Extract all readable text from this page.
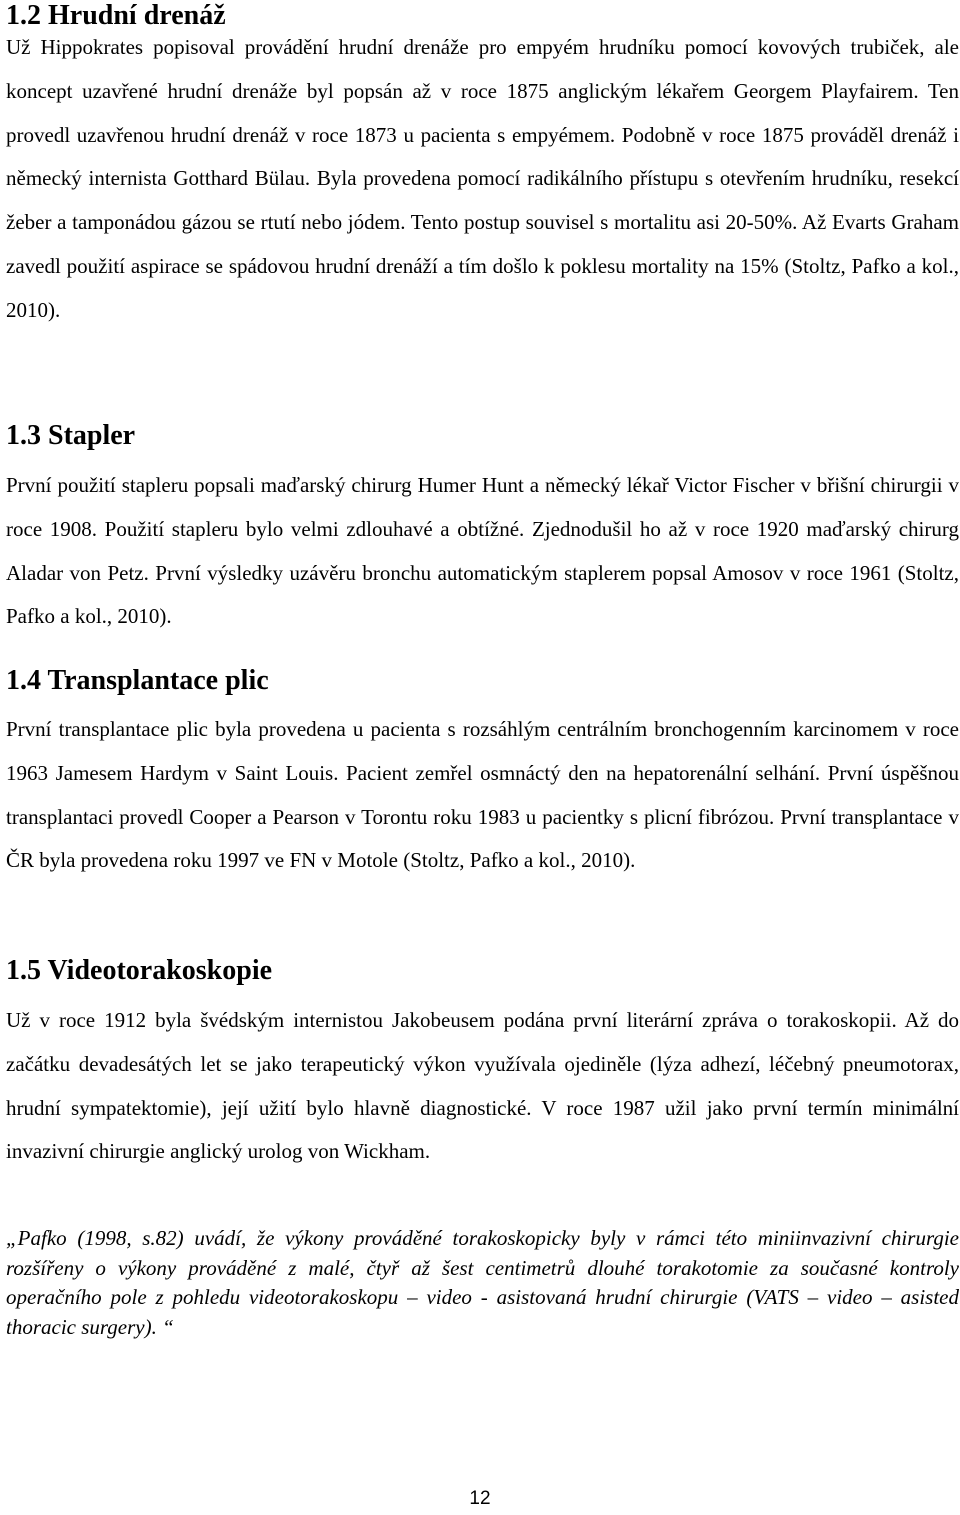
1.2 Hrudní drenáž

Už Hippokrates popisoval provádění hrudní drenáže pro empyém hrudníku pomocí kovových trubiček, ale koncept uzavřené hrudní drenáže byl popsán až v roce 1875 anglickým lékařem Georgem Playfairem. Ten provedl uzavřenou hrudní drenáž v roce 1873 u pacienta s empyémem. Podobně v roce 1875 prováděl drenáž i německý internista Gotthard Bülau. Byla provedena pomocí radikálního přístupu s otevřením hrudníku, resekcí žeber a tamponádou gázou se rtutí nebo jódem. Tento postup souvisel s mortalitu asi 20-50%. Až Evarts Graham zavedl použití aspirace se spádovou hrudní drenáží a tím došlo k poklesu mortality na 15% (Stoltz, Pafko a kol., 2010).

1.3 Stapler

První použití stapleru popsali maďarský chirurg Humer Hunt a německý lékař Victor Fischer v břišní chirurgii v roce 1908. Použití stapleru bylo velmi zdlouhavé a obtížné. Zjednodušil ho až v roce 1920 maďarský chirurg Aladar von Petz. První výsledky uzávěru bronchu automatickým staplerem popsal Amosov v roce 1961 (Stoltz, Pafko a kol., 2010).

1.4 Transplantace plic

První transplantace plic byla provedena u pacienta s rozsáhlým centrálním bronchogenním karcinomem v roce 1963 Jamesem Hardym v Saint Louis. Pacient zemřel osmnáctý den na hepatorenální selhání. První úspěšnou transplantaci provedl Cooper a Pearson v Torontu roku 1983 u pacientky s plicní fibrózou. První transplantace v ČR byla provedena roku 1997 ve FN v Motole (Stoltz, Pafko a kol., 2010).

1.5 Videotorakoskopie

Už v roce 1912 byla švédským internistou Jakobeusem podána první literární zpráva o torakoskopii. Až do začátku devadesátých let se jako terapeutický výkon využívala ojediněle (lýza adhezí, léčebný pneumotorax, hrudní sympatektomie), její užití bylo hlavně diagnostické. V roce 1987 užil jako první termín minimální invazivní chirurgie anglický urolog von Wickham.

„Pafko (1998, s.82) uvádí, že výkony prováděné torakoskopicky byly v rámci této miniinvazivní chirurgie rozšířeny o výkony prováděné z malé, čtyř až šest centimetrů dlouhé torakotomie za současné kontroly operačního pole z pohledu videotorakoskopu – video - asistovaná hrudní chirurgie (VATS – video – asisted thoracic surgery). “

12
